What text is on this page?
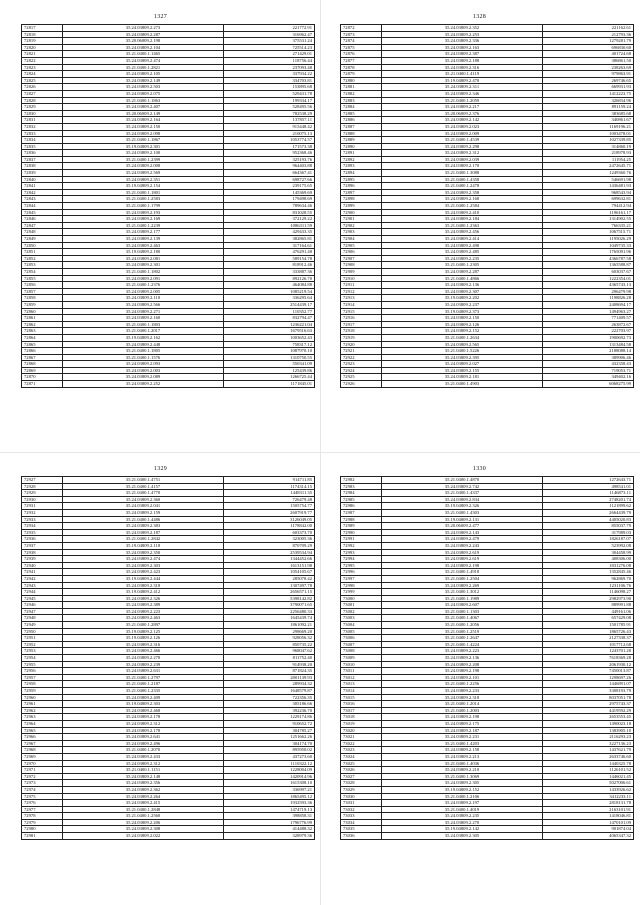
1327
72817	35.24.03809.2.273	221772.91
72818	35.24.03809.2.287	316962.47
72819	35.20.06009.2.198	375531.24
72820	35.24.03809.2.104	725514.23
72821	35.21.0400.1.1465	271429.01
72822	35.24.03809.2.474	118756.44
72823	35.21.0400.1.2821	237093.48
72824	35.24.03809.2.105	337934.22
72825	35.24.03809.2.149	334703.81
72826	35.24.03809.2.503	153895.68
72827	35.24.03809.2.075	529431.78
72828	35.21.0400.1.1863	199334.17
72829	35.24.03809.2.407	528495.56
72830	35.20.06009.2.149	782538.29
72831	35.24.03809.2.164	137857.11
72832	35.24.03809.2.150	915448.42
72833	35.24.03809.2.098	210075.13
72834	35.21.0400.1.1867	1053774.57
72835	35.19.04809.2.301	171573.38
72836	35.24.03809.2.100	952368.46
72837	35.21.0400.1.2399	325193.76
72838	35.24.03809.2.008	964403.88
72839	35.24.03809.2.569	664367.41
72840	35.24.03809.2.351	698727.66
72841	35.19.04809.2.154	239175.65
72842	35.21.0400.1.1801	145369.69
72843	35.21.0400.1.2583	179498.69
72844	35.21.0400.1.1799	789634.46
72845	35.24.03809.2.193	831028.55
72846	35.24.03809.2.169	372129.22
72847	35.21.0400.1.2239	1086311.59
72848	35.24.03809.2.177	429433.35
72849	35.24.03809.2.139	382865.81
72850	35.24.03809.2.463	317164.61
72851	35.19.04809.2.180	476291.48
72852	35.24.03809.2.081	589154.78
72853	35.24.03809.2.301	818912.46
72854	35.21.0400.1.1802	333887.36
72855	35.24.03809.2.091	892126.70
72856	35.21.0400.1.2376	464084.88
72857	35.24.03809.2.005	1085219.54
72858	35.24.03809.2.110	336295.64
72859	35.24.03809.2.566	2514439.17
72860	35.24.03809.2.271	110352.77
72861	35.24.03809.2.160	832794.47
72862	35.21.0400.1.1803	1236221.04
72863	35.21.0400.1.2017	1679516.63
72864	35.19.04809.2.162	1003652.43
72865	35.24.03809.2.448	758317.12
72866	35.21.0400.1.1805	1087970.10
72867	35.21.0400.1.1576	1310750.55
72868	35.24.03809.2.093	550341.09
72869	35.24.03809.2.003	125439.86
72870	35.24.03809.2.089	1266725.44
72871	35.24.03809.2.252	1171845.01
1328
72872	35.24.03809.2.352	221162.61
72873	35.24.03809.2.253	212793.36
72874	35.24.03809.2.336	1279281.79
72875	35.24.03809.2.163	696830.60
72876	35.24.03809.2.387	401724.68
72877	35.24.03809.2.188	386861.50
72878	35.24.03809.2.316	238263.69
72879	35.21.0400.1.4119	979863.91
72880	35.19.04809.2.470	269746.65
72881	35.24.03809.2.311	669931.93
72882	35.24.03809.2.346	1412223.75
72883	35.21.0400.1.2059	326834.96
72884	35.24.03809.2.217	891159.24
72885	35.20.06009.2.376	383685.68
72886	35.24.03809.2.142	340861.67
72887	35.24.03809.2.023	1169196.21
72888	35.24.03809.2.009	1003478.01
72889	35.21.0400.1.4539	1027339.85
72890	35.24.03809.2.298	314860.19
72891	35.24.03809.2.312	218978.93
72892	35.24.03809.2.039	111954.25
72893	35.24.03809.2.170	2472645.71
72894	35.21.0400.1.3088	1249360.76
72895	35.21.0400.1.4358	546691.98
72896	35.21.0400.1.2478	1436481.93
72897	35.24.03809.2.358	968543.94
72898	35.24.03809.2.168	699632.81
72899	35.21.0400.1.2584	794412.94
72900	35.24.03809.2.410	1196161.17
72901	35.24.03809.2.184	1314902.55
72902	35.21.0400.1.2363	766335.21
72903	35.24.03809.2.456	1067515.71
72904	35.24.03809.2.414	1195026.29
72905	35.24.03809.2.498	1049735.33
72906	35.24.03809.2.485	1765091.96
72907	35.24.03809.2.235	4366787.58
72908	35.21.0400.1.2305	1365588.87
72909	35.24.03809.2.287	603037.67
72910	35.21.0400.1.4866	1222354.01
72911	35.24.03809.2.136	4365743.13
72912	35.24.03809.2.307	296479.98
72913	35.19.04809.2.202	1198826.28
72914	35.24.03809.2.237	2408694.17
72915	35.19.04809.2.373	1494963.27
72916	35.24.03809.2.150	771409.57
72917	35.24.03809.2.126	263872.67
72918	35.24.03809.2.152	222703.97
72919	35.21.0400.1.2634	1900692.73
72920	35.24.03809.2.565	1313484.58
72921	35.21.0400.1.5226	2188088.14
72922	35.24.03809.2.395	389906.46
72923	35.24.03809.2.027	432358.43
72924	35.24.03809.2.155	719053.71
72925	35.24.03809.2.181	349402.16
72926	35.21.0400.1.4903	6068275.99
1329
72927	35.21.0400.1.4751	914711.85
72928	35.21.0400.1.4157	1174314.15
72929	35.21.0400.1.4770	1448311.35
72930	35.24.03809.2.360	726479.48
72931	35.24.03809.2.041	1505754.77
72932	35.24.03809.2.159	2607919.77
72933	35.21.0400.1.4486	3126049.05
72934	35.24.03809.2.383	1178842.00
72935	35.24.03809.2.187	603373.70
72936	35.21.0400.1.2842	323005.36
72937	35.19.04809.2.118	870709.29
72938	35.24.03809.2.350	2539534.94
72939	35.24.03809.2.474	1344452.66
72940	35.24.03809.2.303	1613151.98
72941	35.24.03809.2.423	1054105.67
72942	35.19.04809.2.444	285078.42
72943	35.24.03809.2.318	1307497.78
72944	35.19.04809.2.412	2656571.15
72945	35.24.03809.2.326	5398142.82
72946	35.24.03809.2.389	3790071.65
72947	35.24.03809.2.223	2256480.33
72948	35.24.03809.2.463	1645439.74
72949	35.21.0400.1.2897	1861092.21
72950	35.19.04809.2.125	298669.20
72951	35.19.04809.2.126	928056.32
72952	35.24.03809.2.316	850735.22
72953	35.24.03809.2.466	968047.62
72954	35.24.03809.2.270	811752.40
72955	35.24.03809.2.239	914938.20
72956	35.24.03809.2.631	871824.35
72957	35.21.0400.1.2797	2001139.93
72958	35.21.0400.1.2187	289934.32
72959	35.21.0400.1.2335	1648579.87
72960	35.24.03809.2.409	722356.35
72961	35.19.04809.2.303	305186.66
72962	35.24.03809.2.468	392236.70
72963	35.24.03809.2.178	1229174.86
72964	35.24.03809.2.312	910652.72
72965	35.24.03809.2.178	304785.27
72966	35.24.03809.2.641	1251662.26
72967	35.24.03809.2.496	304174.70
72968	35.21.0400.1.2070	895950.02
72969	35.24.03809.2.433	437273.60
72970	35.24.03809.2.312	1110322.12
72971	35.21.0400.1.1151	1228004.09
72972	35.24.03809.2.148	1420914.96
72973	35.24.03809.2.356	1615308.10
72974	35.24.03809.2.362	336997.21
72975	35.24.03809.2.264	1865495.12
72976	35.24.03809.2.415	1932593.36
72977	35.21.0400.1.2848	1474719.13
72978	35.21.0400.1.2560	398858.31
72979	35.24.03809.2.206	1796776.99
72980	35.24.03809.2.308	414488.32
72981	35.24.03809.2.022	328979.36
1330
72982	35.21.0400.1.4870	1272643.71
72983	35.24.03809.2.742	498541.01
72984	35.21.0400.1.4337	1146873.11
72985	35.24.03809.2.834	2748201.74
72986	35.19.04809.2.326	1121899.62
72987	35.21.0400.1.4303	2664439.79
72988	35.19.04809.2.131	4405020.83
72989	35.20.06009.2.477	855037.79
72990	35.24.03809.2.143	317989.03
72991	35.24.03809.2.479	1826187.07
72992	35.24.03809.2.243	523992.08
72993	35.24.03809.2.619	304458.99
72994	35.24.03809.2.619	408306.00
72995	35.24.03809.2.198	1831276.08
72996	35.21.0400.1.4918	1352845.46
72997	35.21.0400.1.2504	962869.70
72998	35.24.03809.2.269	1231106.76
72999	35.21.0400.1.3012	1146098.27
73000	35.21.0400.1.1989	2982973.90
73001	35.24.03809.2.607	889991.88
73002	35.21.0400.1.1303	449161.06
73003	35.21.0400.1.4067	657429.08
73004	35.21.0400.1.2056	1501785.91
73005	35.21.0400.1.2519	1865726.43
73006	35.21.0400.1.2647	2127338.37
73007	35.21.0400.1.4224	1017712.68
73008	35.24.03809.2.223	1243701.28
73009	35.24.03809.2.136	7618369.28
73010	35.24.03809.2.208	2061930.12
73011	35.24.03809.2.198	7450013.87
73012	35.24.03809.2.101	1298697.26
73013	35.21.0400.1.2256	1446891.07
73014	35.24.03809.2.233	3308193.79
73015	35.24.03809.2.318	8037051.78
73016	35.21.0400.1.2014	2975743.37
73017	35.21.0400.1.2003	4419592.29
73018	35.24.03809.2.198	2653553.45
73019	35.24.03809.2.175	1490023.18
73020	35.24.03809.2.187	1383905.10
73021	35.24.03809.2.231	2116293.23
73022	35.21.0400.1.4203	3227136.23
73023	35.24.03809.2.158	1437621.79
73024	35.24.03809.2.213	2633746.60
73025	35.21.0400.1.4036	1440325.78
73026	35.24.03809.2.210	1126101.52
73027	35.21.0400.1.3069	1446021.45
73028	35.24.03809.2.305	5027006.61
73029	35.19.04809.2.152	1433926.62
73030	35.21.0400.1.2106	3412233.11
73031	35.24.03809.2.197	2818131.78
73032	35.21.0400.1.4019	2163101.91
73033	35.24.03809.2.235	1418046.81
73034	35.24.03809.2.270	1470101.09
73035	35.19.04809.2.142	901874.04
73036	35.24.03809.2.305	4065347.32
